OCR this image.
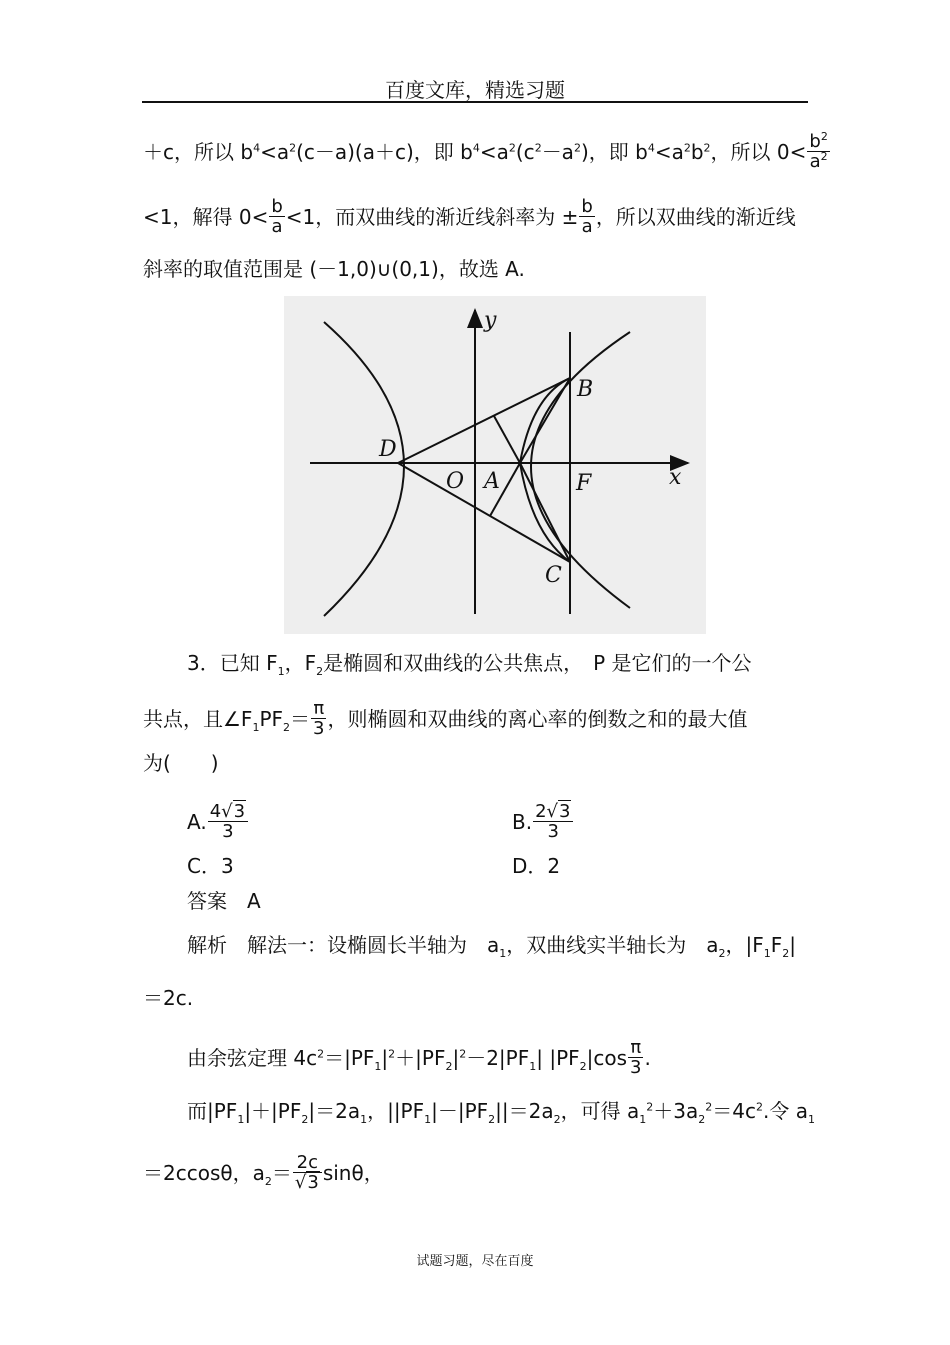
百度文库，精选习题
＋c，所以 $b^4<a^2(c-a)(a+c)$，即 $b^4<a^2(c^2-a^2)$，即 $b^4<a^2b^2$，所以 $0< \frac{b^2}{a^2}$
<1，解得 $0< \frac{b}{a} <1$，而双曲线的渐近线斜率为 ± $\frac{b}{a}$ ，所以双曲线的渐近线
斜率的取值范围是 (－1,0)∪(0,1)，故选 A.
y
x
B
D
O A	F
C
3．已知 $F_1$，$F_2$是椭圆和双曲线的公共焦点，　P 是它们的一个公
共点，且$\angle F_1PF_2= \frac{\pi}{3}$ ，则椭圆和双曲线的离心率的倒数之和的最大值
为(　　)
A. $\frac{4√3}{3}$	B. $\frac{2√3}{3}$
C．3	D．2
答案　A
解析　解法一：设椭圆长半轴为　$a_1$，双曲线实半轴长为　$a_2$，$|F_1F_2|$
＝2c.
由余弦定理 $4c^2=|PF_1|^2+|PF_2|^2-2|PF_1|$ $|PF_2|\cos \frac{\pi}{3}$ .
而$|PF_1|+|PF_2|=2a_1$，$||PF_1|-|PF_2||=2a_2$，可得 $a_1^2+3a_2^2=4c^2$.令 $a_1$
＝2ccosθ，$a_2= \frac{2c}{√3}$ sinθ，
试题习题，尽在百度
